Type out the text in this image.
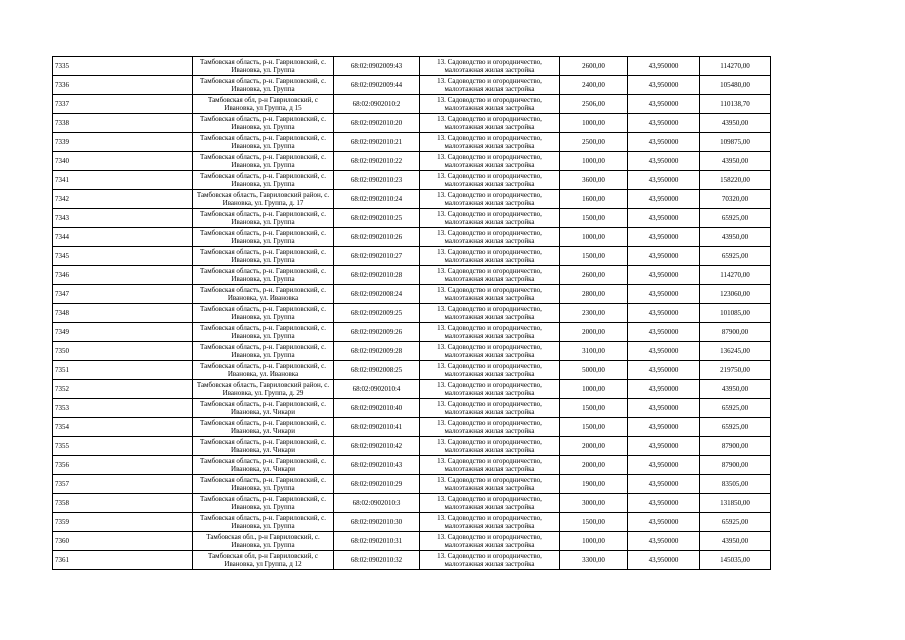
7335	Тамбовская область, р-н. Гавриловский, с. Ивановка, ул. Группа	68:02:0902009:43	13. Садоводство и огородничество, малоэтажная жилая застройка	2600,00	43,950000	114270,00
7336	Тамбовская область, р-н. Гавриловский, с. Ивановка, ул. Группа	68:02:0902009:44	13. Садоводство и огородничество, малоэтажная жилая застройка	2400,00	43,950000	105480,00
7337	Тамбовская обл, р-н Гавриловский, с Ивановка, ул Группа, д 15	68:02:0902010:2	13. Садоводство и огородничество, малоэтажная жилая застройка	2506,00	43,950000	110138,70
7338	Тамбовская область, р-н. Гавриловский, с. Ивановка, ул. Группа	68:02:0902010:20	13. Садоводство и огородничество, малоэтажная жилая застройка	1000,00	43,950000	43950,00
7339	Тамбовская область, р-н. Гавриловский, с. Ивановка, ул. Группа	68:02:0902010:21	13. Садоводство и огородничество, малоэтажная жилая застройка	2500,00	43,950000	109875,00
7340	Тамбовская область, р-н. Гавриловский, с. Ивановка, ул. Группа	68:02:0902010:22	13. Садоводство и огородничество, малоэтажная жилая застройка	1000,00	43,950000	43950,00
7341	Тамбовская область, р-н. Гавриловский, с. Ивановка, ул. Группа	68:02:0902010:23	13. Садоводство и огородничество, малоэтажная жилая застройка	3600,00	43,950000	158220,00
7342	Тамбовская область, Гавриловский район, с. Ивановка, ул. Группа, д. 17	68:02:0902010:24	13. Садоводство и огородничество, малоэтажная жилая застройка	1600,00	43,950000	70320,00
7343	Тамбовская область, р-н. Гавриловский, с. Ивановка, ул. Группа	68:02:0902010:25	13. Садоводство и огородничество, малоэтажная жилая застройка	1500,00	43,950000	65925,00
7344	Тамбовская область, р-н. Гавриловский, с. Ивановка, ул. Группа	68:02:0902010:26	13. Садоводство и огородничество, малоэтажная жилая застройка	1000,00	43,950000	43950,00
7345	Тамбовская область, р-н. Гавриловский, с. Ивановка, ул. Группа	68:02:0902010:27	13. Садоводство и огородничество, малоэтажная жилая застройка	1500,00	43,950000	65925,00
7346	Тамбовская область, р-н. Гавриловский, с. Ивановка, ул. Группа	68:02:0902010:28	13. Садоводство и огородничество, малоэтажная жилая застройка	2600,00	43,950000	114270,00
7347	Тамбовская область, р-н. Гавриловский, с. Ивановка, ул. Ивановка	68:02:0902008:24	13. Садоводство и огородничество, малоэтажная жилая застройка	2800,00	43,950000	123060,00
7348	Тамбовская область, р-н. Гавриловский, с. Ивановка, ул. Группа	68:02:0902009:25	13. Садоводство и огородничество, малоэтажная жилая застройка	2300,00	43,950000	101085,00
7349	Тамбовская область, р-н. Гавриловский, с. Ивановка, ул. Группа	68:02:0902009:26	13. Садоводство и огородничество, малоэтажная жилая застройка	2000,00	43,950000	87900,00
7350	Тамбовская область, р-н. Гавриловский, с. Ивановка, ул. Группа	68:02:0902009:28	13. Садоводство и огородничество, малоэтажная жилая застройка	3100,00	43,950000	136245,00
7351	Тамбовская область, р-н. Гавриловский, с. Ивановка, ул. Ивановка	68:02:0902008:25	13. Садоводство и огородничество, малоэтажная жилая застройка	5000,00	43,950000	219750,00
7352	Тамбовская область, Гавриловский район, с. Ивановка, ул. Группа, д. 29	68:02:0902010:4	13. Садоводство и огородничество, малоэтажная жилая застройка	1000,00	43,950000	43950,00
7353	Тамбовская область, р-н. Гавриловский, с. Ивановка, ул. Чикари	68:02:0902010:40	13. Садоводство и огородничество, малоэтажная жилая застройка	1500,00	43,950000	65925,00
7354	Тамбовская область, р-н. Гавриловский, с. Ивановка, ул. Чикари	68:02:0902010:41	13. Садоводство и огородничество, малоэтажная жилая застройка	1500,00	43,950000	65925,00
7355	Тамбовская область, р-н. Гавриловский, с. Ивановка, ул. Чикари	68:02:0902010:42	13. Садоводство и огородничество, малоэтажная жилая застройка	2000,00	43,950000	87900,00
7356	Тамбовская область, р-н. Гавриловский, с. Ивановка, ул. Чикари	68:02:0902010:43	13. Садоводство и огородничество, малоэтажная жилая застройка	2000,00	43,950000	87900,00
7357	Тамбовская область, р-н. Гавриловский, с. Ивановка, ул. Группа	68:02:0902010:29	13. Садоводство и огородничество, малоэтажная жилая застройка	1900,00	43,950000	83505,00
7358	Тамбовская область, р-н. Гавриловский, с. Ивановка, ул. Группа	68:02:0902010:3	13. Садоводство и огородничество, малоэтажная жилая застройка	3000,00	43,950000	131850,00
7359	Тамбовская область, р-н. Гавриловский, с. Ивановка, ул. Группа	68:02:0902010:30	13. Садоводство и огородничество, малоэтажная жилая застройка	1500,00	43,950000	65925,00
7360	Тамбовская обл., р-н Гавриловский, с. Ивановка, ул. Группа	68:02:0902010:31	13. Садоводство и огородничество, малоэтажная жилая застройка	1000,00	43,950000	43950,00
7361	Тамбовская обл, р-н Гавриловский, с Ивановка, ул Группа, д 12	68:02:0902010:32	13. Садоводство и огородничество, малоэтажная жилая застройка	3300,00	43,950000	145035,00
